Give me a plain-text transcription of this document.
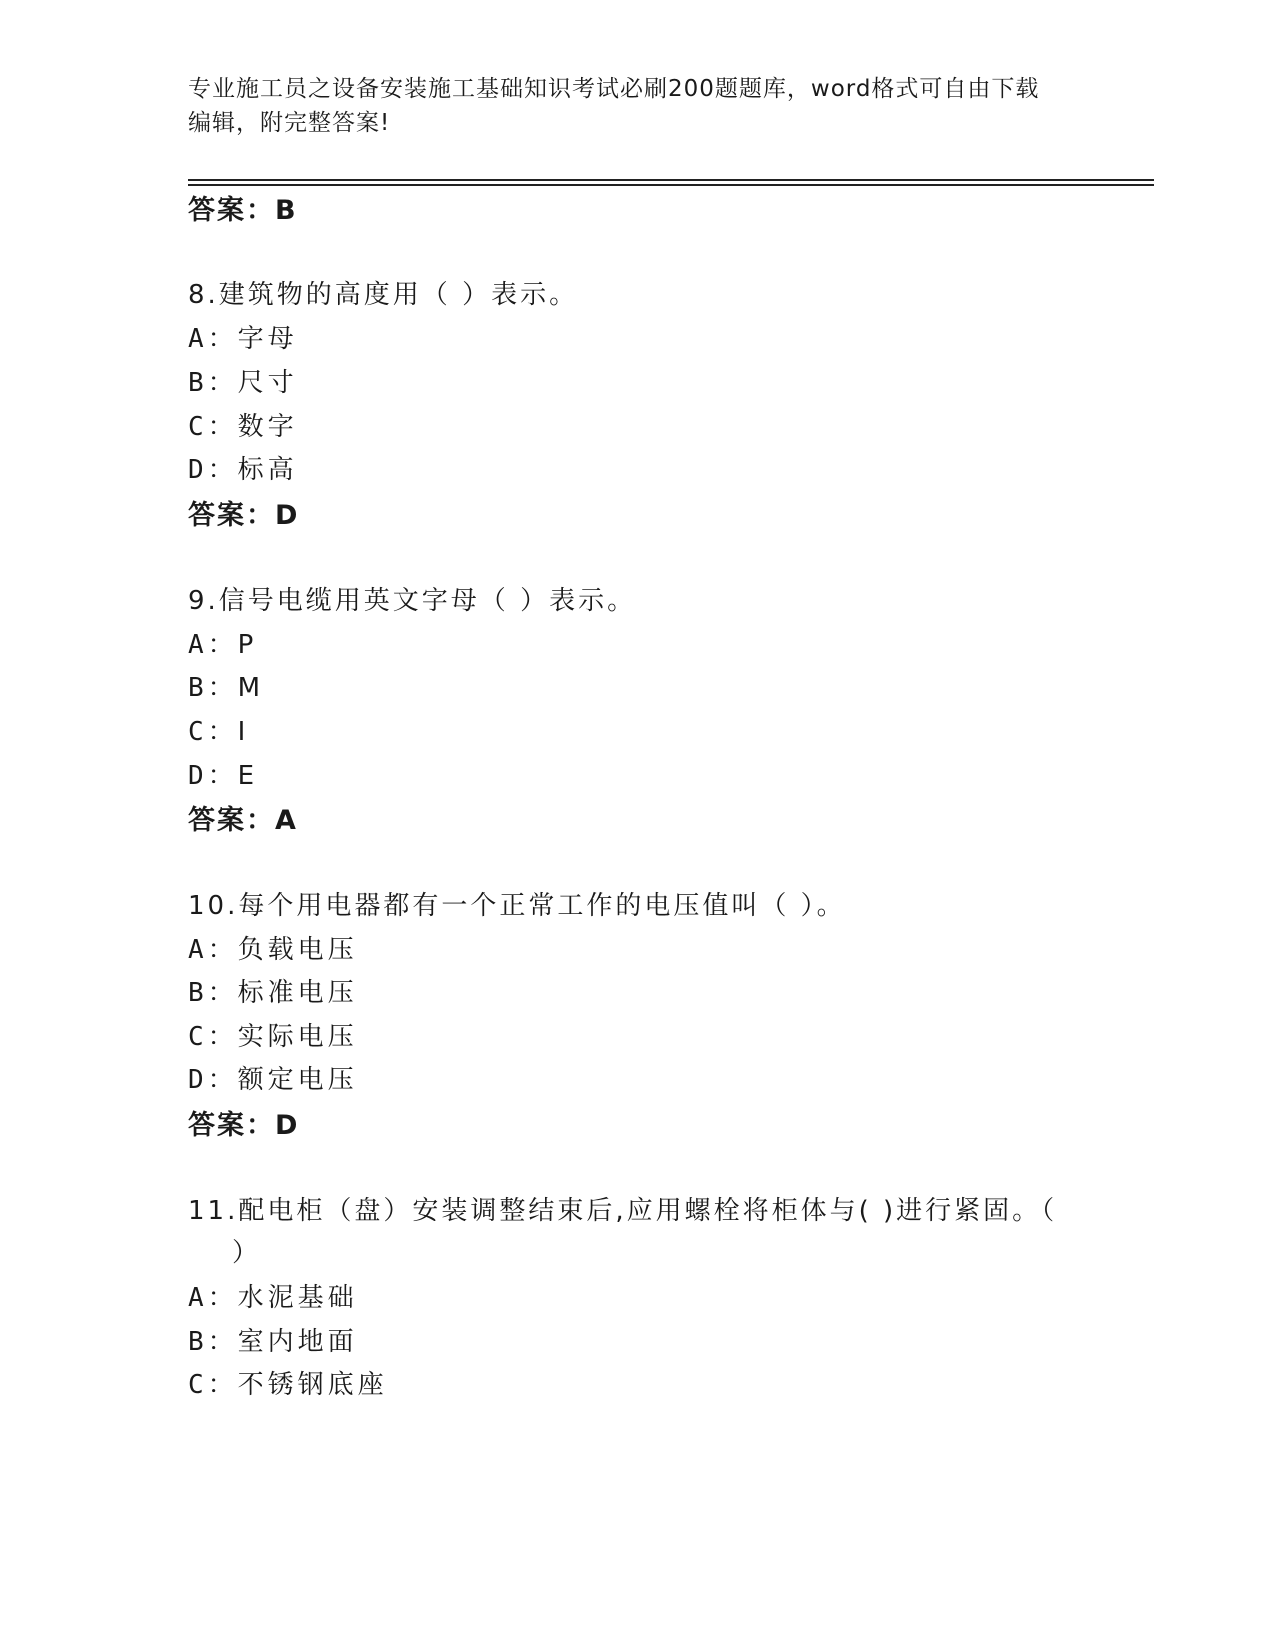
专业施工员之设备安装施工基础知识考试必刷200题题库，word格式可自由下载
编辑，附完整答案!
答案：B
8.建筑物的高度用（ ）表示。
A：字母
B：尺寸
C：数字
D：标高
答案：D
9.信号电缆用英文字母（ ）表示。
A：P
B：M
C：I
D：E
答案：A
10.每个用电器都有一个正常工作的电压值叫（ ）。
A：负载电压
B：标准电压
C：实际电压
D：额定电压
答案：D
11.配电柜（盘）安装调整结束后,应用螺栓将柜体与( )进行紧固。（
）
A：水泥基础
B：室内地面
C：不锈钢底座
